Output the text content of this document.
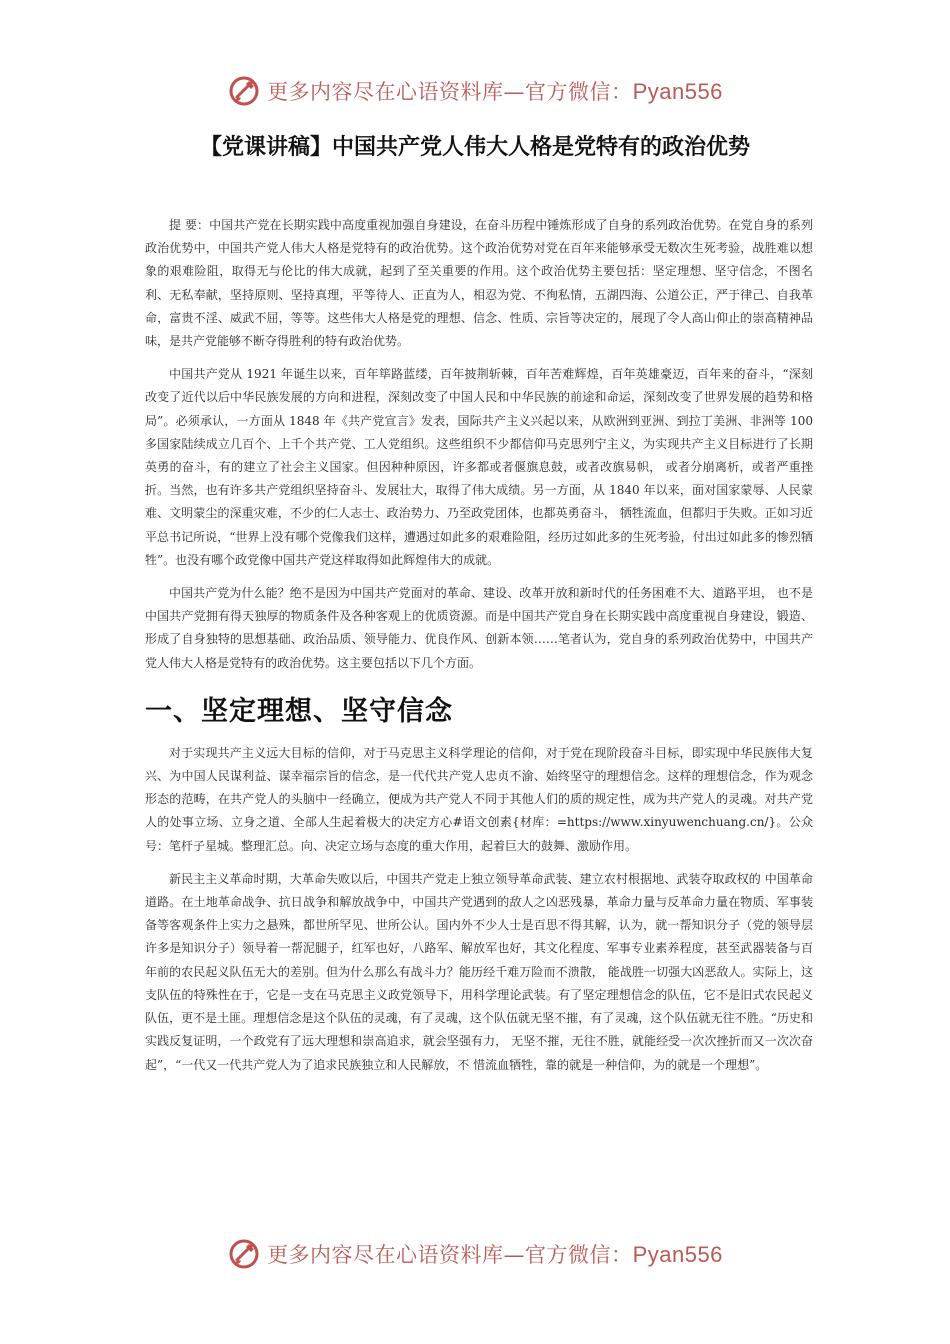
更多内容尽在心语资料库—官方微信：Pyan556
【党课讲稿】中国共产党人伟大人格是党特有的政治优势

提 要：中国共产党在长期实践中高度重视加强自身建设，在奋斗历程中锤炼形成了自身的系列政治优势。在党自身的系列政治优势中，中国共产党人伟大人格是党特有的政治优势。这个政治优势对党在百年来能够承受无数次生死考验，战胜难以想象的艰难险阻，取得无与伦比的伟大成就，起到了至关重要的作用。这个政治优势主要包括：坚定理想、坚守信念，不图名利、无私奉献，坚持原则、坚持真理，平等待人、正直为人，相忍为党、不徇私情，五湖四海、公道公正，严于律己、自我革命，富贵不淫、威武不屈，等等。这些伟大人格是党的理想、信念、性质、宗旨等决定的，展现了令人高山仰止的崇高精神品味，是共产党能够不断夺得胜利的特有政治优势。

中国共产党从 1921 年诞生以来，百年筚路蓝缕，百年披荆斩棘，百年苦难辉煌，百年英雄豪迈，百年来的奋斗，“深刻改变了近代以后中华民族发展的方向和进程，深刻改变了中国人民和中华民族的前途和命运，深刻改变了世界发展的趋势和格局”。必须承认，一方面从 1848 年《共产党宣言》发表，国际共产主义兴起以来，从欧洲到亚洲、到拉丁美洲、非洲等 100 多国家陆续成立几百个、上千个共产党、工人党组织。这些组织不少都信仰马克思列宁主义，为实现共产主义目标进行了长期英勇的奋斗，有的建立了社会主义国家。但因种种原因，许多都或者偃旗息鼓，或者改旗易帜， 或者分崩离析，或者严重挫折。当然，也有许多共产党组织坚持奋斗、发展壮大，取得了伟大成绩。另一方面，从 1840 年以来，面对国家蒙辱、人民蒙难、文明蒙尘的深重灾难，不少的仁人志士、政治势力、乃至政党团体，也都英勇奋斗， 牺牲流血，但都归于失败。正如习近平总书记所说，“世界上没有哪个党像我们这样，遭遇过如此多的艰难险阻，经历过如此多的生死考验，付出过如此多的惨烈牺牲”。也没有哪个政党像中国共产党这样取得如此辉煌伟大的成就。

中国共产党为什么能？绝不是因为中国共产党面对的革命、建设、改革开放和新时代的任务困难不大、道路平坦， 也不是中国共产党拥有得天独厚的物质条件及各种客观上的优质资源。而是中国共产党自身在长期实践中高度重视自身建设，锻造、形成了自身独特的思想基础、政治品质、领导能力、优良作风、创新本领……笔者认为，党自身的系列政治优势中，中国共产党人伟大人格是党特有的政治优势。这主要包括以下几个方面。

一、坚定理想、坚守信念

对于实现共产主义远大目标的信仰，对于马克思主义科学理论的信仰，对于党在现阶段奋斗目标，即实现中华民族伟大复兴、为中国人民谋利益、谋幸福宗旨的信念，是一代代共产党人忠贞不渝、始终坚守的理想信念。这样的理想信念，作为观念形态的范畴，在共产党人的头脑中一经确立，便成为共产党人不同于其他人们的质的规定性，成为共产党人的灵魂。对共产党人的处事立场、立身之道、全部人生起着极大的决定方心#语文创素{材库：=https://www.xinyuwenchuang.cn/}。公众号：笔杆子星城。整理汇总。向、决定立场与态度的重大作用，起着巨大的鼓舞、激励作用。

新民主主义革命时期，大革命失败以后，中国共产党走上独立领导革命武装、建立农村根据地、武装夺取政权的 中国革命道路。在土地革命战争、抗日战争和解放战争中，中国共产党遇到的敌人之凶恶残暴，革命力量与反革命力量在物质、军事装备等客观条件上实力之悬殊，都世所罕见、世所公认。国内外不少人士是百思不得其解，认为，就一帮知识分子（党的领导层许多是知识分子）领导着一帮泥腿子，红军也好，八路军、解放军也好，其文化程度、军事专业素养程度，甚至武器装备与百年前的农民起义队伍无大的差别。但为什么那么有战斗力？能历经千难万险而不溃散， 能战胜一切强大凶恶敌人。实际上，这支队伍的特殊性在于，它是一支在马克思主义政党领导下，用科学理论武装。有了坚定理想信念的队伍，它不是旧式农民起义队伍，更不是土匪。理想信念是这个队伍的灵魂，有了灵魂，这个队伍就无坚不摧，有了灵魂，这个队伍就无往不胜。“历史和实践反复证明，一个政党有了远大理想和崇高追求，就会坚强有力， 无坚不摧，无往不胜，就能经受一次次挫折而又一次次奋起”，“一代又一代共产党人为了追求民族独立和人民解放，不 惜流血牺牲，靠的就是一种信仰，为的就是一个理想”。

更多内容尽在心语资料库—官方微信：Pyan556
